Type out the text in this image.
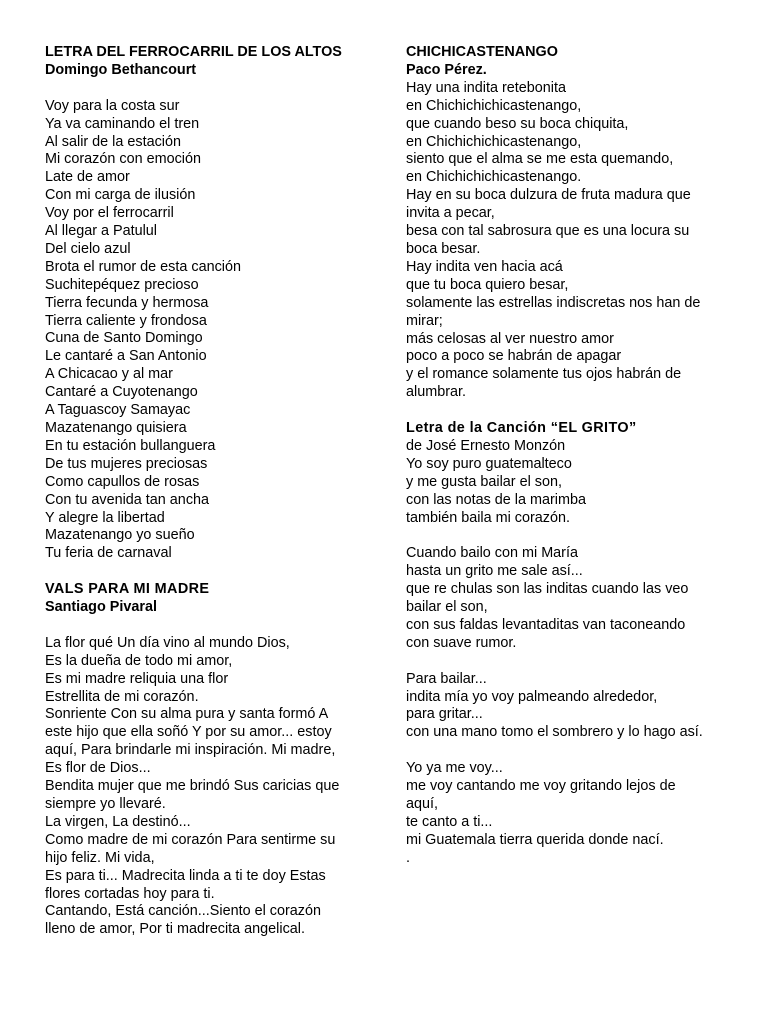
LETRA DEL FERROCARRIL DE LOS ALTOS
Domingo Bethancourt
Voy para la costa sur
Ya va caminando el tren
Al salir de la estación
Mi corazón con emoción
Late de amor
Con mi carga de ilusión
Voy por el ferrocarril
Al llegar a Patulul
Del cielo azul
Brota el rumor de esta canción
Suchitepéquez precioso
Tierra fecunda y hermosa
Tierra caliente y frondosa
Cuna de Santo Domingo
Le cantaré a San Antonio
A Chicacao y al mar
Cantaré a Cuyotenango
A Taguascoy Samayac
Mazatenango quisiera
En tu estación bullanguera
De tus mujeres preciosas
Como capullos de rosas
Con tu avenida tan ancha
Y alegre la libertad
Mazatenango yo sueño
Tu feria de carnaval
VALS PARA MI MADRE
Santiago Pivaral
La flor qué Un día vino al mundo Dios,
Es la dueña de todo mi amor,
Es mi madre reliquia una flor
Estrellita de mi corazón.
Sonriente Con su alma pura y santa formó A
este hijo que ella soñó Y por su amor... estoy
aquí, Para brindarle mi inspiración. Mi madre,
Es flor de Dios...
Bendita mujer que me brindó Sus caricias que
siempre yo llevaré.
La virgen, La destinó...
Como madre de mi corazón Para sentirme su
hijo feliz. Mi vida,
Es para ti... Madrecita linda a ti te doy Estas
flores cortadas hoy para ti.
Cantando, Está canción...Siento el corazón
lleno de amor, Por ti madrecita angelical.
CHICHICASTENANGO
Paco Pérez.
Hay una indita retebonita
en Chichichichicastenango,
que cuando beso su boca chiquita,
en Chichichichicastenango,
siento que el alma se me esta quemando,
en Chichichichicastenango.
Hay en su boca dulzura de fruta madura que
invita a pecar,
besa con tal sabrosura que es una locura su
boca besar.
Hay indita ven hacia acá
que tu boca quiero besar,
solamente las estrellas indiscretas nos han de
mirar;
más celosas al ver nuestro amor
poco a poco se habrán de apagar
y el romance solamente tus ojos habrán de
alumbrar.
Letra de la Canción “EL GRITO”
de José Ernesto Monzón
Yo soy puro guatemalteco
y me gusta bailar el son,
con las notas de la marimba
también baila mi corazón.
Cuando bailo con mi María
hasta un grito me sale así...
que re chulas son las inditas cuando las veo
bailar el son,
con sus faldas levantaditas van taconeando
con suave rumor.
Para bailar...
indita mía yo voy palmeando alrededor,
para gritar...
con una mano tomo el sombrero y lo hago así.
Yo ya me voy...
me voy cantando me voy gritando lejos de
aquí,
te canto a ti...
mi Guatemala tierra querida donde nací.
.
